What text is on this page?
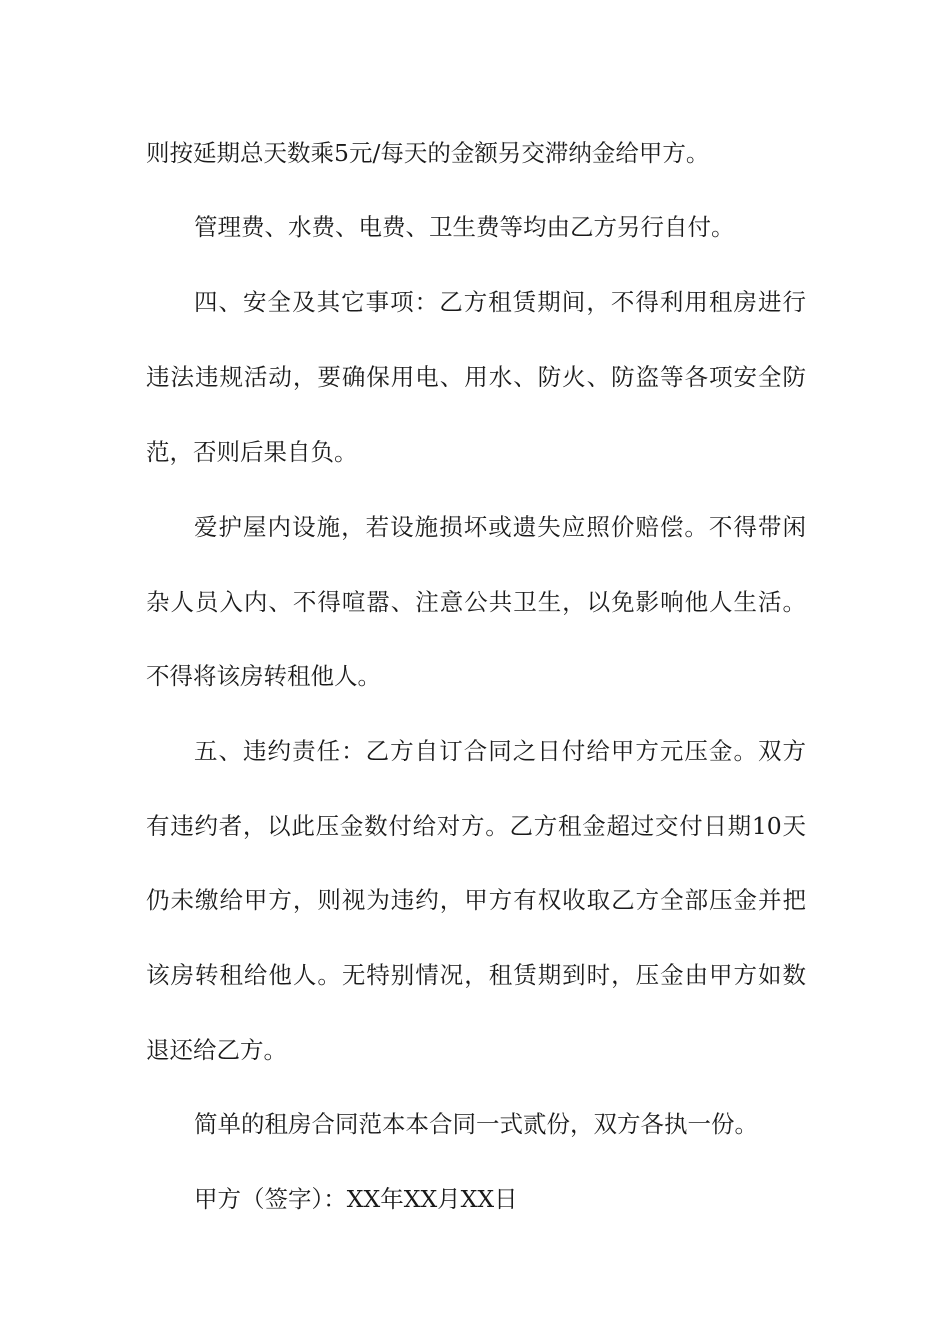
则按延期总天数乘5元/每天的金额另交滞纳金给甲方。
管理费、水费、电费、卫生费等均由乙方另行自付。
四、安全及其它事项：乙方租赁期间，不得利用租房进行
违法违规活动，要确保用电、用水、防火、防盗等各项安全防
范，否则后果自负。
爱护屋内设施，若设施损坏或遗失应照价赔偿。不得带闲
杂人员入内、不得喧嚣、注意公共卫生，以免影响他人生活。
不得将该房转租他人。
五、违约责任：乙方自订合同之日付给甲方元压金。双方
有违约者，以此压金数付给对方。乙方租金超过交付日期10天
仍未缴给甲方，则视为违约，甲方有权收取乙方全部压金并把
该房转租给他人。无特别情况，租赁期到时，压金由甲方如数
退还给乙方。
简单的租房合同范本本合同一式贰份，双方各执一份。
甲方（签字）：XX年XX月XX日
